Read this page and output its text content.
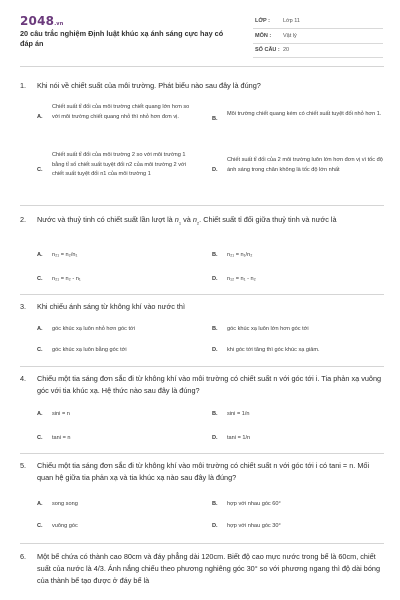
2048.vn
20 câu trắc nghiệm Định luật khúc xạ ánh sáng cực hay có đáp án
LỚP : Lớp 11
MÔN : Vật lý
SỐ CÂU : 20
1.	Khi nói về chiết suất của môi trường. Phát biểu nào sau đây là đúng?
A.
Chiết suất tỉ đối của môi trường chiết quang lớn hơn so với môi trường chiết quang nhỏ thì nhỏ hơn đơn vị.	B.
Môi trường chiết quang kém có chiết suất tuyệt đối nhỏ hơn 1.
C.
Chiết suất tỉ đối của môi trường 2 so với môi trường 1 bằng tỉ số chiết suất tuyệt đối n2 của môi trường 2 với chiết suất tuyệt đối n1 của môi trường 1
D.
Chiết suất tỉ đối của 2 môi trường luôn lớn hơn đơn vị vì tốc độ ánh sáng trong chân không là tốc độ lớn nhất
2.	Nước và thuỷ tinh có chiết suất lần lượt là $n_1$ và $n_2$. Chiết suất tỉ đối giữa thuỷ tinh và nước là
A. n₂₁ = n₂/n₁	B. n₂₁ = n₁/n₂
C. n₂₁ = n₂ - n₁	D. n₁₂ = n₁ - n₂
3.	Khi chiếu ánh sáng từ không khí vào nước thì
A. góc khúc xạ luôn nhỏ hơn góc tới	B. góc khúc xạ luôn lớn hơn góc tới
C. góc khúc xạ luôn bằng góc tới	D. khi góc tới tăng thì góc khúc xạ giảm.
4.	Chiếu một tia sáng đơn sắc đi từ không khí vào môi trường có chiết suất n với góc tới i. Tia phản xạ vuông góc với tia khúc xạ. Hệ thức nào sau đây là đúng?
A. sini = n	B. sini = 1/n
C. tani = n	D. tani = 1/n
5.	Chiếu một tia sáng đơn sắc đi từ không khí vào môi trường có chiết suất n với góc tới i có tani = n. Mối quan hệ giữa tia phản xạ và tia khúc xạ nào sau đây là đúng?
A. song song	B. hợp với nhau góc 60°
C. vuông góc	D. hợp với nhau góc 30°
6.	Một bể chứa có thành cao 80cm và đáy phẳng dài 120cm. Biết độ cao mực nước trong bể là 60cm, chiết suất của nước là 4/3. Ánh nắng chiếu theo phương nghiêng góc 30° so với phương ngang thì độ dài bóng của thành bể tạo được ở đáy bể là
